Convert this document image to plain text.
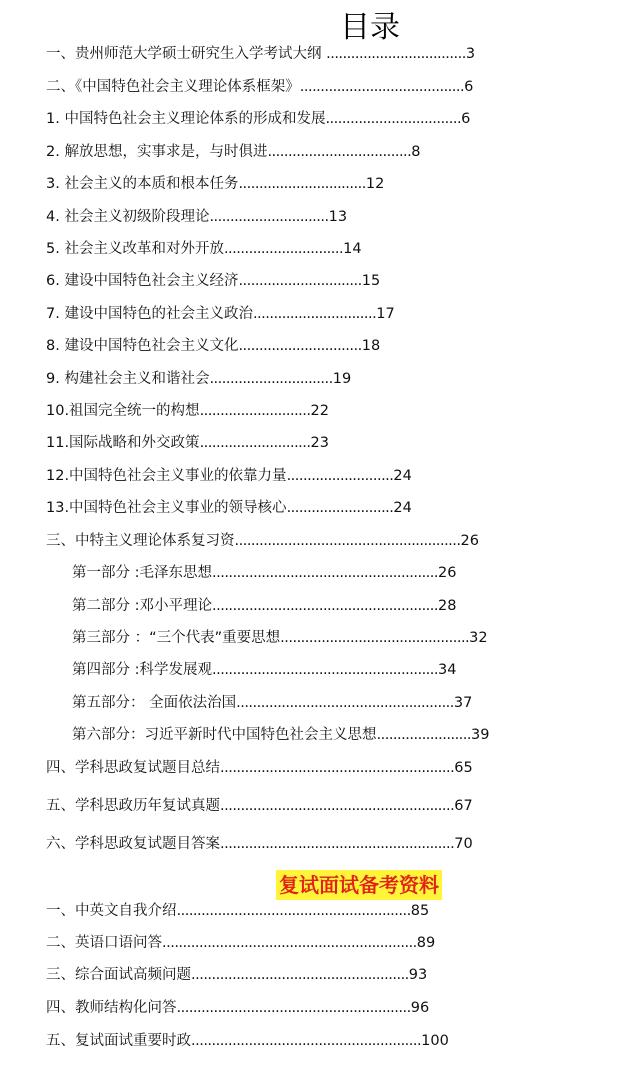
目录
一、贵州师范大学硕士研究生入学考试大纲 ..................................3
二、《中国特色社会主义理论体系框架》........................................6
1. 中国特色社会主义理论体系的形成和发展.................................6
2. 解放思想，实事求是，与时俱进...................................8
3. 社会主义的本质和根本任务...............................12
4. 社会主义初级阶段理论.............................13
5. 社会主义改革和对外开放.............................14
6. 建设中国特色社会主义经济..............................15
7. 建设中国特色的社会主义政治..............................17
8. 建设中国特色社会主义文化..............................18
9. 构建社会主义和谐社会..............................19
10.祖国完全统一的构想...........................22
11.国际战略和外交政策...........................23
12.中国特色社会主义事业的依靠力量..........................24
13.中国特色社会主义事业的领导核心..........................24
三、中特主义理论体系复习资.......................................................26
第一部分 :毛泽东思想.......................................................26
第二部分 :邓小平理论.......................................................28
第三部分 ：“三个代表”重要思想..............................................32
第四部分 :科学发展观.......................................................34
第五部分： 全面依法治国.....................................................37
第六部分：习近平新时代中国特色社会主义思想.......................39
四、学科思政复试题目总结.........................................................65
五、学科思政历年复试真题.........................................................67
六、学科思政复试题目答案.........................................................70
复试面试备考资料
一、中英文自我介绍.........................................................85
二、英语口语问答..............................................................89
三、综合面试高频问题.....................................................93
四、教师结构化问答.........................................................96
五、复试面试重要时政........................................................100
